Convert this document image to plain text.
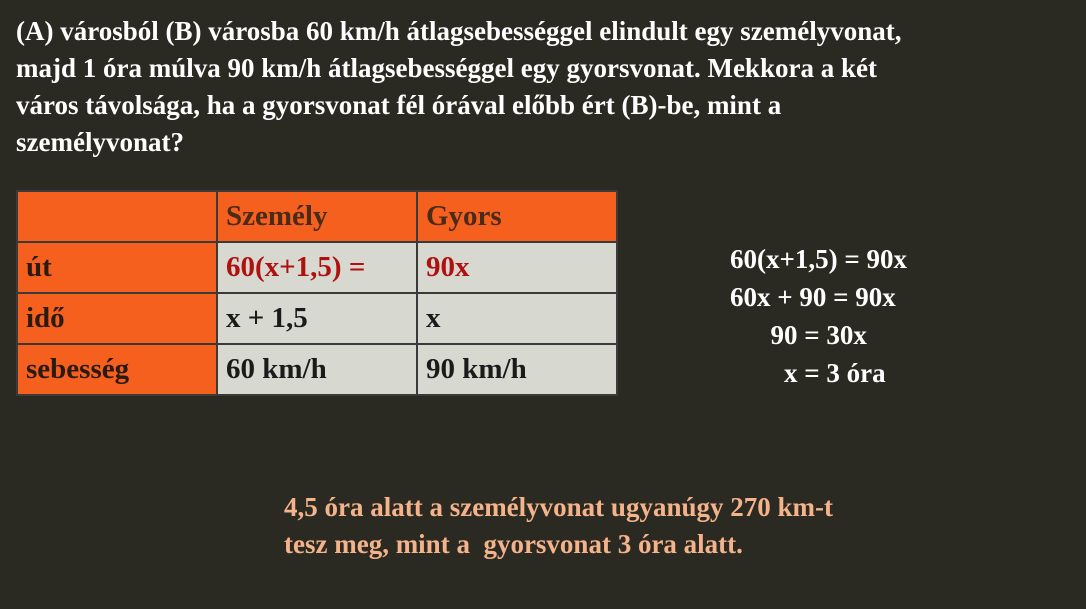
(A) városból (B) városba 60 km/h átlagsebességgel elindult egy személyvonat,
majd 1 óra múlva 90 km/h átlagsebességgel egy gyorsvonat. Mekkora a két
város távolsága, ha a gyorsvonat fél órával előbb ért (B)-be, mint a
személyvonat?
	Személy	Gyors
út	60(x+1,5) =	90x
idő	x + 1,5	x
sebesség	60 km/h	90 km/h
60(x+1,5) = 90x
60x + 90 = 90x
90 = 30x
x = 3 óra
4,5 óra alatt a személyvonat ugyanúgy 270 km-t
tesz meg, mint a  gyorsvonat 3 óra alatt.
